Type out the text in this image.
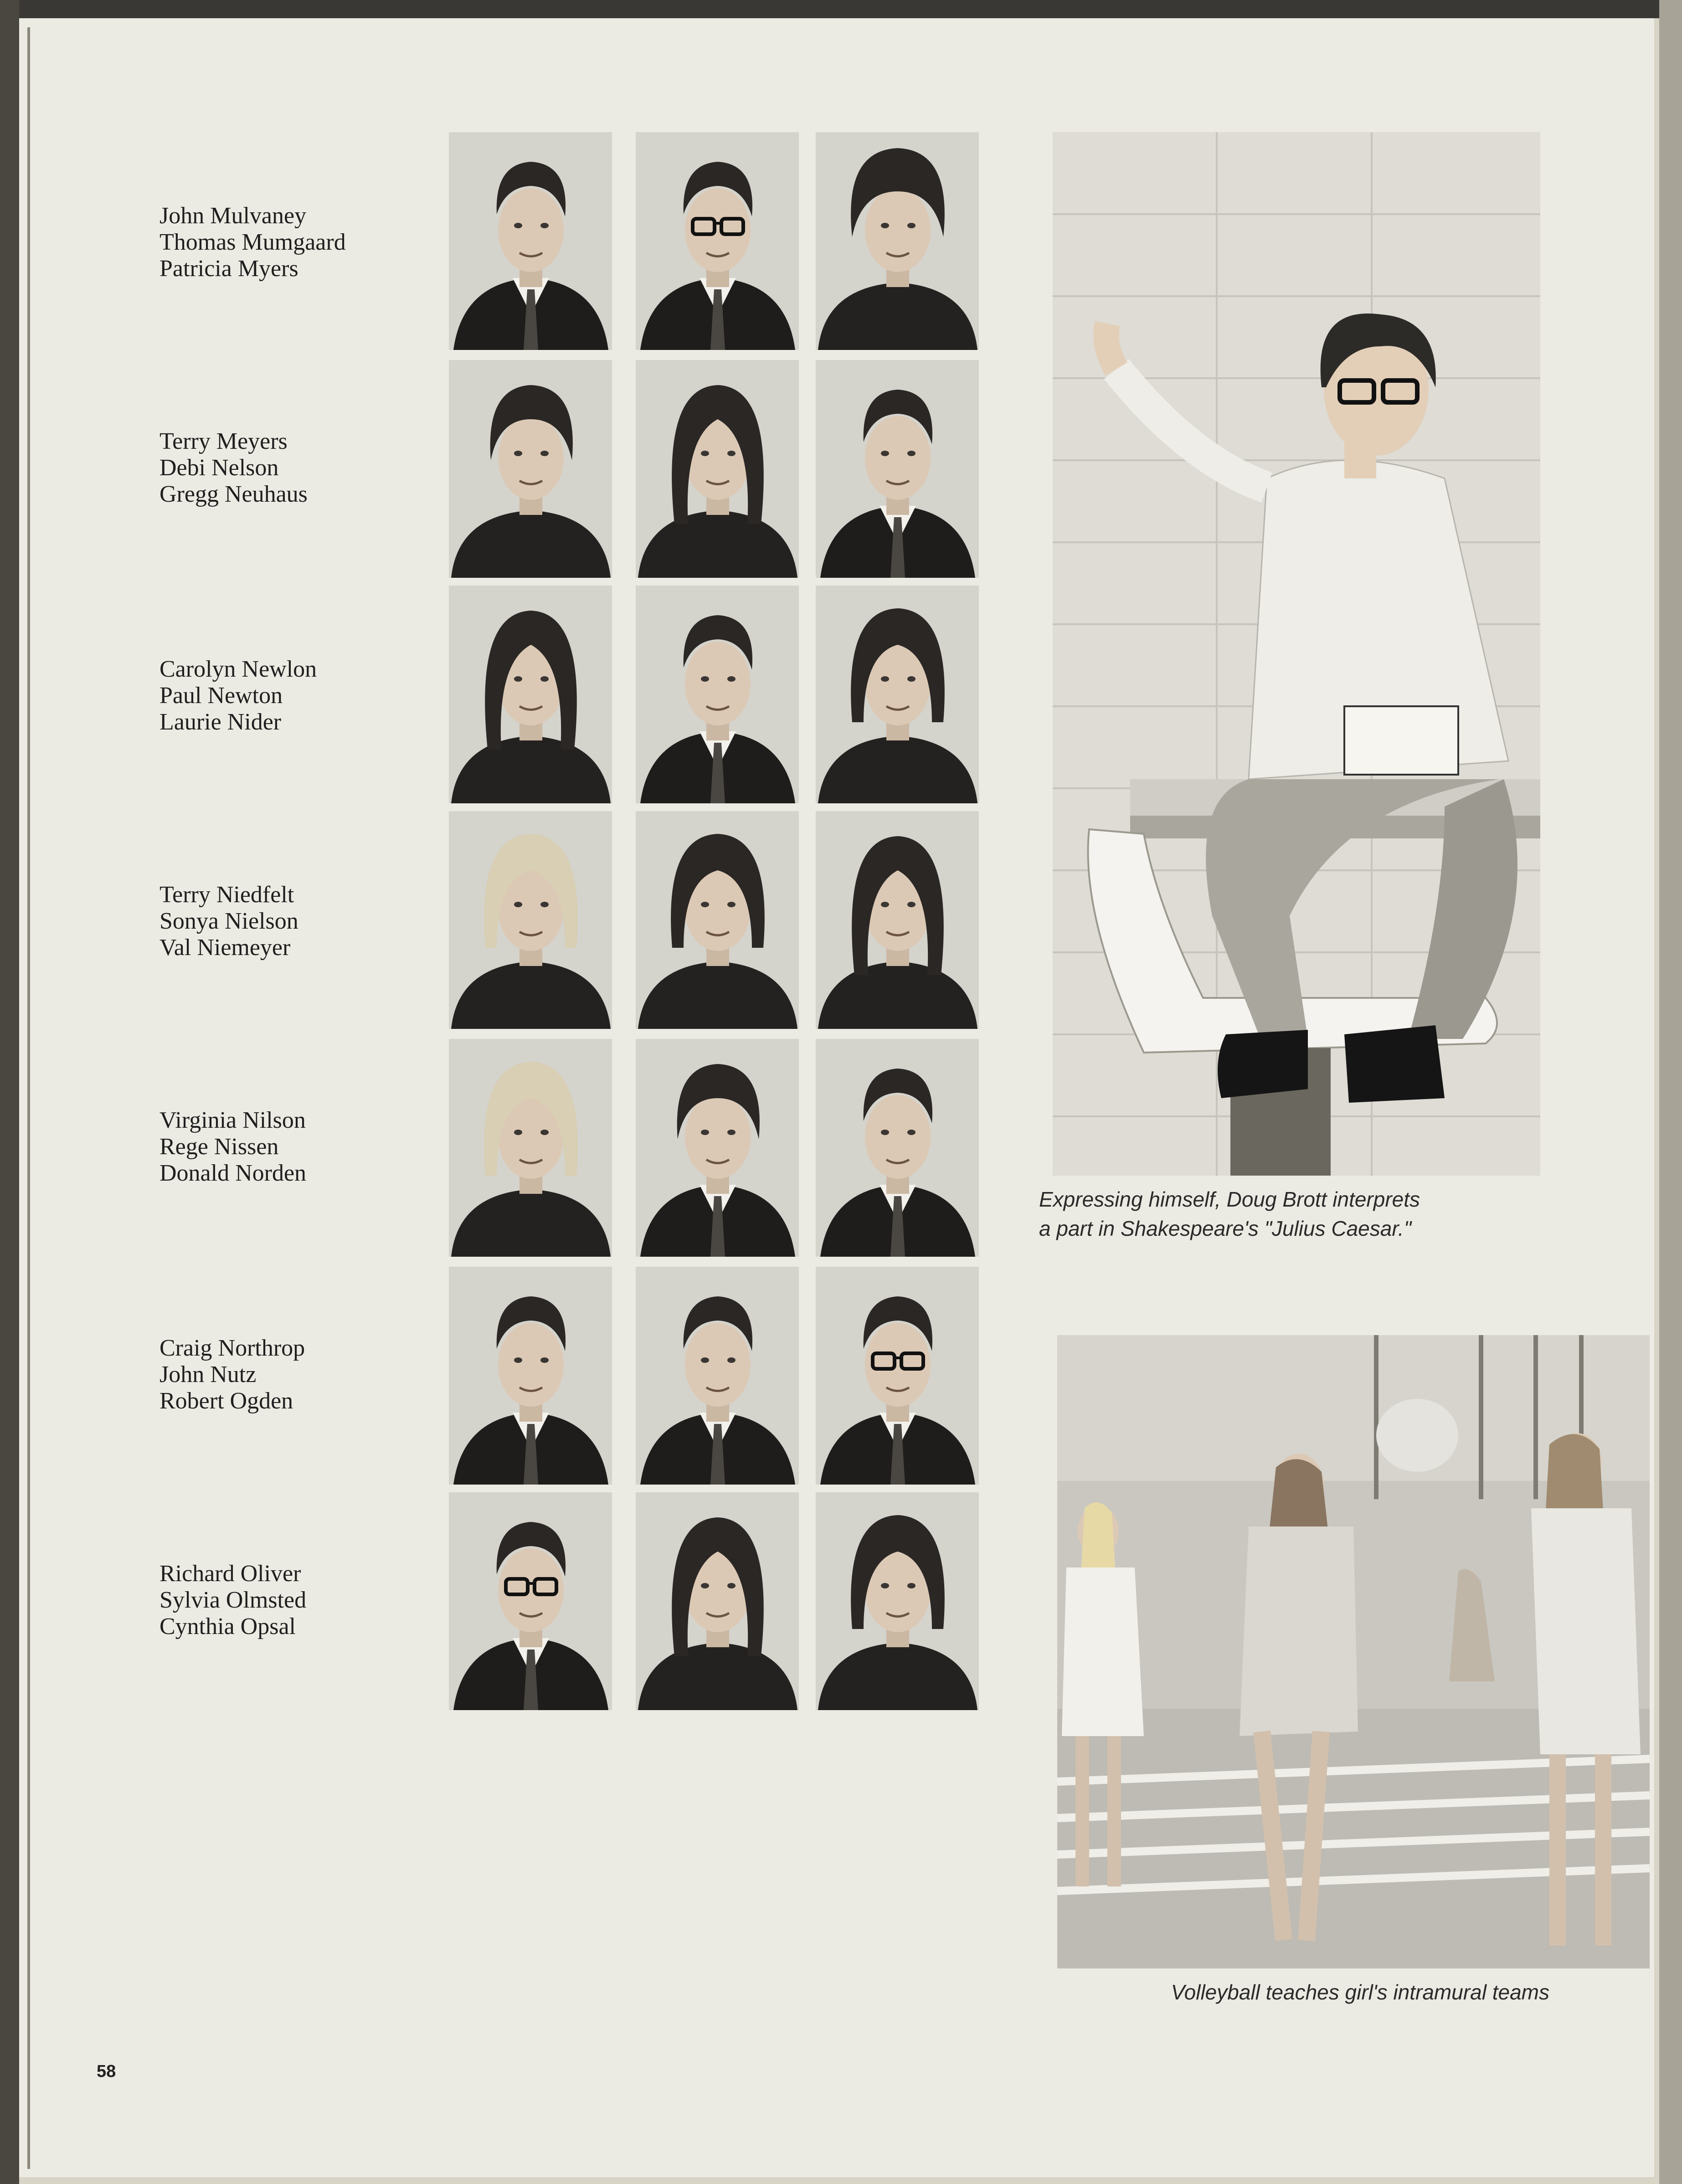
John Mulvaney
Thomas Mumgaard
Patricia Myers
Terry Meyers
Debi Nelson
Gregg Neuhaus
Carolyn Newlon
Paul Newton
Laurie Nider
Terry Niedfelt
Sonya Nielson
Val Niemeyer
Virginia Nilson
Rege Nissen
Donald Norden
Craig Northrop
John Nutz
Robert Ogden
Richard Oliver
Sylvia Olmsted
Cynthia Opsal
Expressing himself, Doug Brott interprets
a part in Shakespeare's "Julius Caesar."
Volleyball teaches girl's intramural teams
58
